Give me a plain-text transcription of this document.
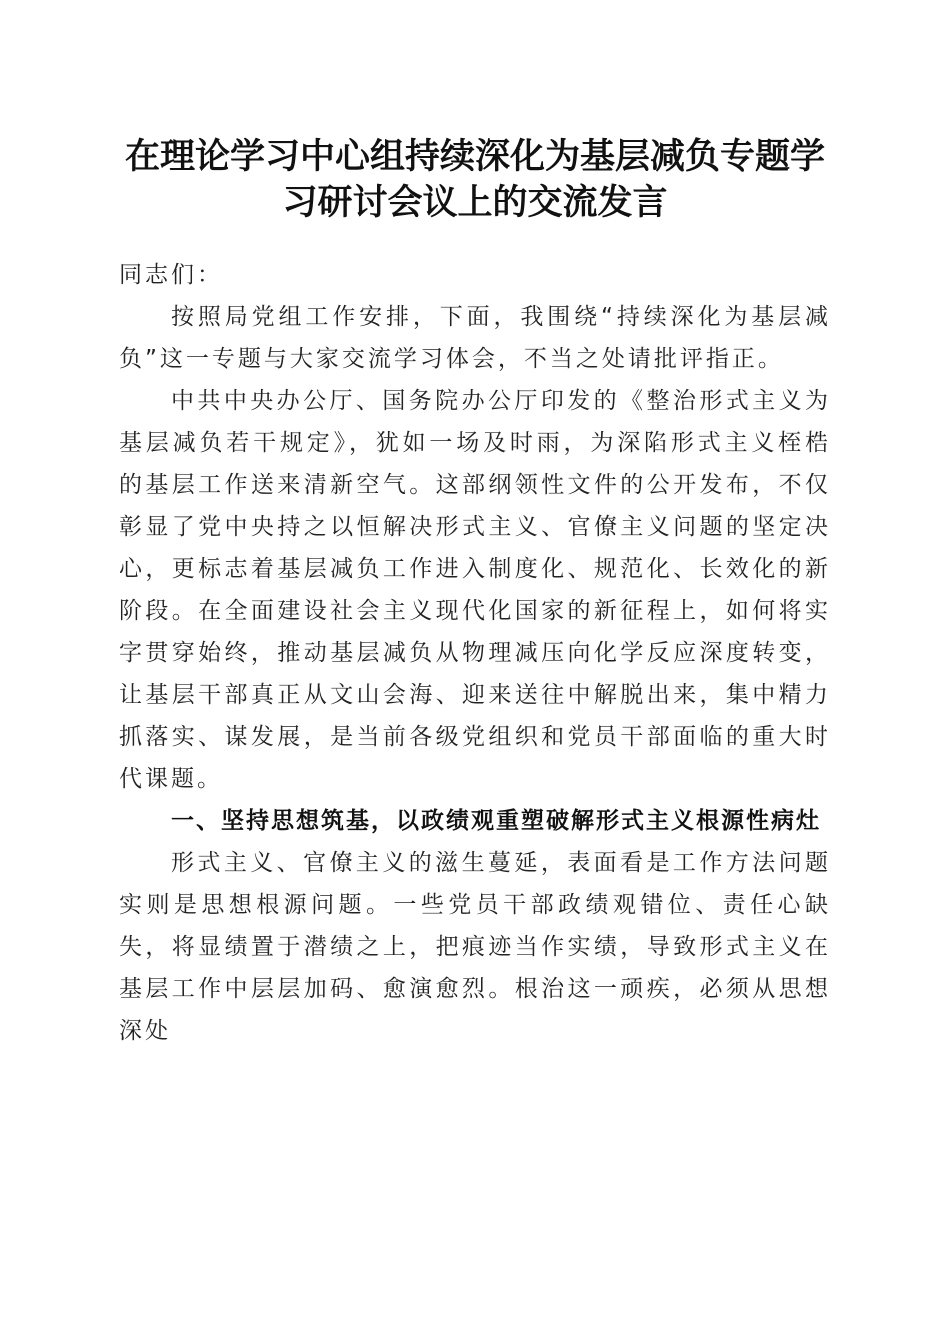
在理论学习中心组持续深化为基层减负专题学
习研讨会议上的交流发言

同志们：

按照局党组工作安排，下面，我围绕“持续深化为基层减负”这一专题与大家交流学习体会，不当之处请批评指正。

中共中央办公厅、国务院办公厅印发的《整治形式主义为基层减负若干规定》，犹如一场及时雨，为深陷形式主义桎梏的基层工作送来清新空气。这部纲领性文件的公开发布，不仅彰显了党中央持之以恒解决形式主义、官僚主义问题的坚定决心，更标志着基层减负工作进入制度化、规范化、长效化的新阶段。在全面建设社会主义现代化国家的新征程上，如何将实字贯穿始终，推动基层减负从物理减压向化学反应深度转变，让基层干部真正从文山会海、迎来送往中解脱出来，集中精力抓落实、谋发展，是当前各级党组织和党员干部面临的重大时代课题。

一、坚持思想筑基，以政绩观重塑破解形式主义根源性病灶

形式主义、官僚主义的滋生蔓延，表面看是工作方法问题实则是思想根源问题。一些党员干部政绩观错位、责任心缺失，将显绩置于潜绩之上，把痕迹当作实绩，导致形式主义在基层工作中层层加码、愈演愈烈。根治这一顽疾，必须从思想深处
